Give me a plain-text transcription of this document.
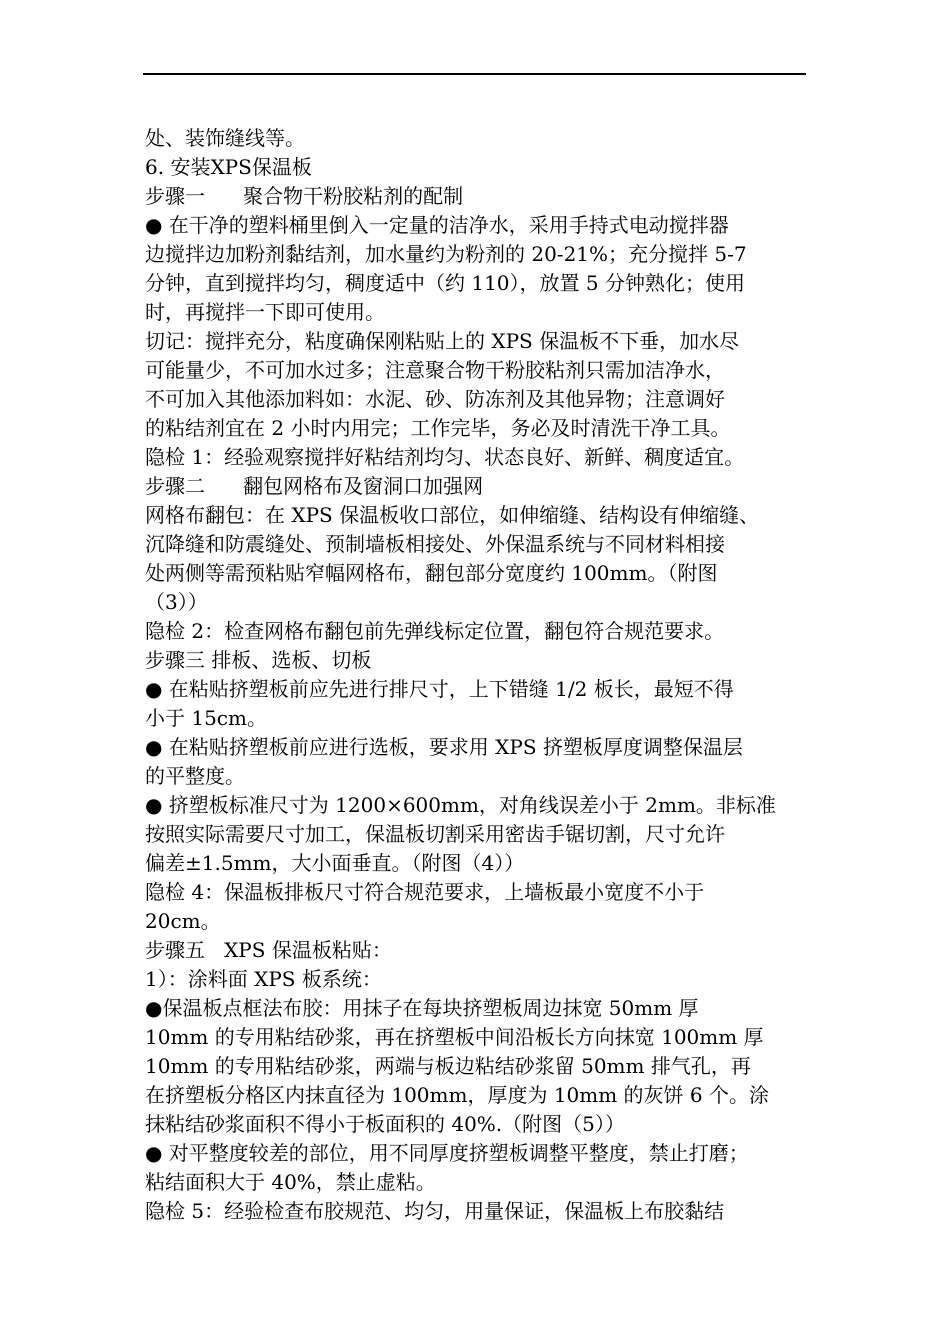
处、装饰缝线等。
6. 安装XPS保温板
步骤一      聚合物干粉胶粘剂的配制
● 在干净的塑料桶里倒入一定量的洁净水，采用手持式电动搅拌器
边搅拌边加粉剂黏结剂，加水量约为粉剂的 20-21%；充分搅拌 5-7
分钟，直到搅拌均匀，稠度适中（约 110），放置 5 分钟熟化；使用
时，再搅拌一下即可使用。
切记：搅拌充分，粘度确保刚粘贴上的 XPS 保温板不下垂，加水尽
可能量少，不可加水过多；注意聚合物干粉胶粘剂只需加洁净水，
不可加入其他添加料如：水泥、砂、防冻剂及其他异物；注意调好
的粘结剂宜在 2 小时内用完；工作完毕，务必及时清洗干净工具。
隐检 1：经验观察搅拌好粘结剂均匀、状态良好、新鲜、稠度适宜。
步骤二      翻包网格布及窗洞口加强网
网格布翻包：在 XPS 保温板收口部位，如伸缩缝、结构设有伸缩缝、
沉降缝和防震缝处、预制墙板相接处、外保温系统与不同材料相接
处两侧等需预粘贴窄幅网格布，翻包部分宽度约 100mm。（附图
（3））
隐检 2：检查网格布翻包前先弹线标定位置，翻包符合规范要求。
步骤三 排板、选板、切板
● 在粘贴挤塑板前应先进行排尺寸，上下错缝 1/2 板长，最短不得
小于 15cm。
● 在粘贴挤塑板前应进行选板，要求用 XPS 挤塑板厚度调整保温层
的平整度。
● 挤塑板标准尺寸为 1200×600mm，对角线误差小于 2mm。非标准
按照实际需要尺寸加工，保温板切割采用密齿手锯切割，尺寸允许
偏差±1.5mm，大小面垂直。（附图（4））
隐检 4：保温板排板尺寸符合规范要求，上墙板最小宽度不小于
20cm。
步骤五   XPS 保温板粘贴：
1）：涂料面 XPS 板系统：
●保温板点框法布胶：用抹子在每块挤塑板周边抹宽 50mm 厚
10mm 的专用粘结砂浆，再在挤塑板中间沿板长方向抹宽 100mm 厚
10mm 的专用粘结砂浆，两端与板边粘结砂浆留 50mm 排气孔，再
在挤塑板分格区内抹直径为 100mm，厚度为 10mm 的灰饼 6 个。涂
抹粘结砂浆面积不得小于板面积的 40%.（附图（5））
● 对平整度较差的部位，用不同厚度挤塑板调整平整度，禁止打磨；
粘结面积大于 40%，禁止虚粘。
隐检 5：经验检查布胶规范、均匀，用量保证，保温板上布胶黏结
